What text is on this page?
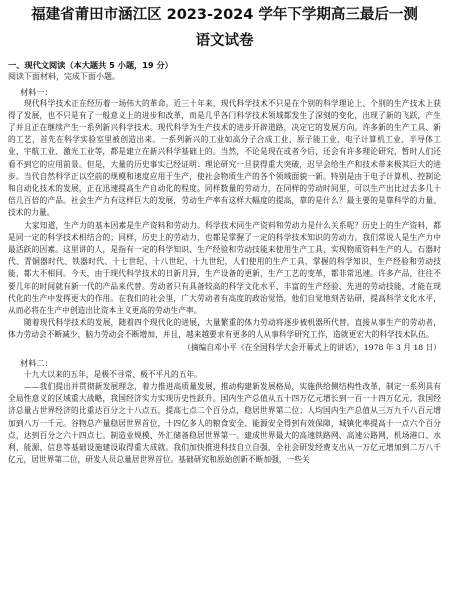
福建省莆田市涵江区 2023-2024 学年下学期高三最后一测
语文试卷
一、现代文阅读（本大题共 5 小题，19 分）
阅读下面材料，完成下面小题。
材料一：

现代科学技术正在经历着一场伟大的革命。近三十年来，现代科学技术不只是在个别的科学理论上、个别的生产技术上获得了发展，也不只是有了一般意义上的进步和改革，而是几乎各门科学技术领域都发生了深刻的变化，出现了新的飞跃，产生了并且正在继续产生一系列新兴科学技术。现代科学为生产技术的进步开辟道路，决定它的发展方向。许多新的生产工具、新的工艺，首先在科学实验室里被创造出来。一系列新兴的工业如高分子合成工业、原子能工业、电子计算机工业、半导体工业、宇航工业、激光工业等，都是建立在新兴科学基础上的。当然，不论是现在或者今后，还会有许多理论研究，暂时人们还看不到它的应用前景。但是，大量的历史事实已经证明：理论研究一旦获得重大突破，迟早会给生产和技术带来极其巨大的进步。当代自然科学正以空前的规模和速度应用于生产，使社会物质生产的各个领域面貌一新。特别是由于电子计算机、控制论和自动化技术的发展，正在迅速提高生产自动化的程度。同样数量的劳动力，在同样的劳动时间里，可以生产出比过去多几十倍几百倍的产品。社会生产力有这样巨大的发展，劳动生产率有这样大幅度的提高，靠的是什么？最主要的是靠科学的力量、技术的力量。

大家知道，生产力的基本因素是生产资料和劳动力。科学技术同生产资料和劳动力是什么关系呢？历史上的生产资料，都是同一定的科学技术相结合的；同样，历史上的劳动力，也都是掌握了一定的科学技术知识的劳动力。我们常说人是生产力中最活跃的因素。这里讲的人，是指有一定的科学知识、生产经验和劳动技能来使用生产工具、实现物质资料生产的人。石器时代、青铜器时代、铁器时代、十七世纪、十八世纪、十九世纪，人们使用的生产工具，掌握的科学知识、生产经验和劳动技能，都大不相同。今天，由于现代科学技术的日新月异，生产设备的更新，生产工艺的变革，都非常迅速。许多产品，往往不要几年的时间就有新一代的产品来代替。劳动者只有具备较高的科学文化水平、丰富的生产经验、先进的劳动技能，才能在现代化的生产中发挥更大的作用。在我们的社会里，广大劳动者有高度的政治觉悟，他们自觉地刻苦钻研，提高科学文化水平，从而必将在生产中创造出比资本主义更高的劳动生产率。

随着现代科学技术的发展，随着四个现代化的进展，大量繁重的体力劳动将逐步被机器所代替。直接从事生产的劳动者，体力劳动会不断减少，脑力劳动会不断增加，并且，越来越要求有更多的人从事科学研究工作，造就更宏大的科学技术队伍。

（摘编自邓小平《在全国科学大会开幕式上的讲话》，1978 年 3 月 18 日）
材料二：

十九大以来的五年，是极不寻常、极不平凡的五年。

——我们提出并贯彻新发展理念，着力推进高质量发展，推动构建新发展格局，实施供给侧结构性改革，制定一系列具有全局性意义的区域重大战略，我国经济实力实现历史性跃升。国内生产总值从五十四万亿元增长到一百一十四万亿元，我国经济总量占世界经济的比重达百分之十八点五，提高七点二个百分点，稳居世界第二位；人均国内生产总值从三万九千八百元增加到八万一千元。谷物总产量稳居世界首位，十四亿多人的粮食安全、能源安全得到有效保障，城镇化率提高十一点六个百分点，达到百分之六十四点七。制造业规模、外汇储备稳居世界第一。建成世界最大的高速铁路网、高速公路网，机场港口、水利、能源、信息等基础设施建设取得重大成就。我们加快推进科技自立自强，全社会研发经费支出从一万亿元增加到二万八千亿元，居世界第二位，研发人员总量居世界首位。基础研究和原始创新不断加强，一些关
